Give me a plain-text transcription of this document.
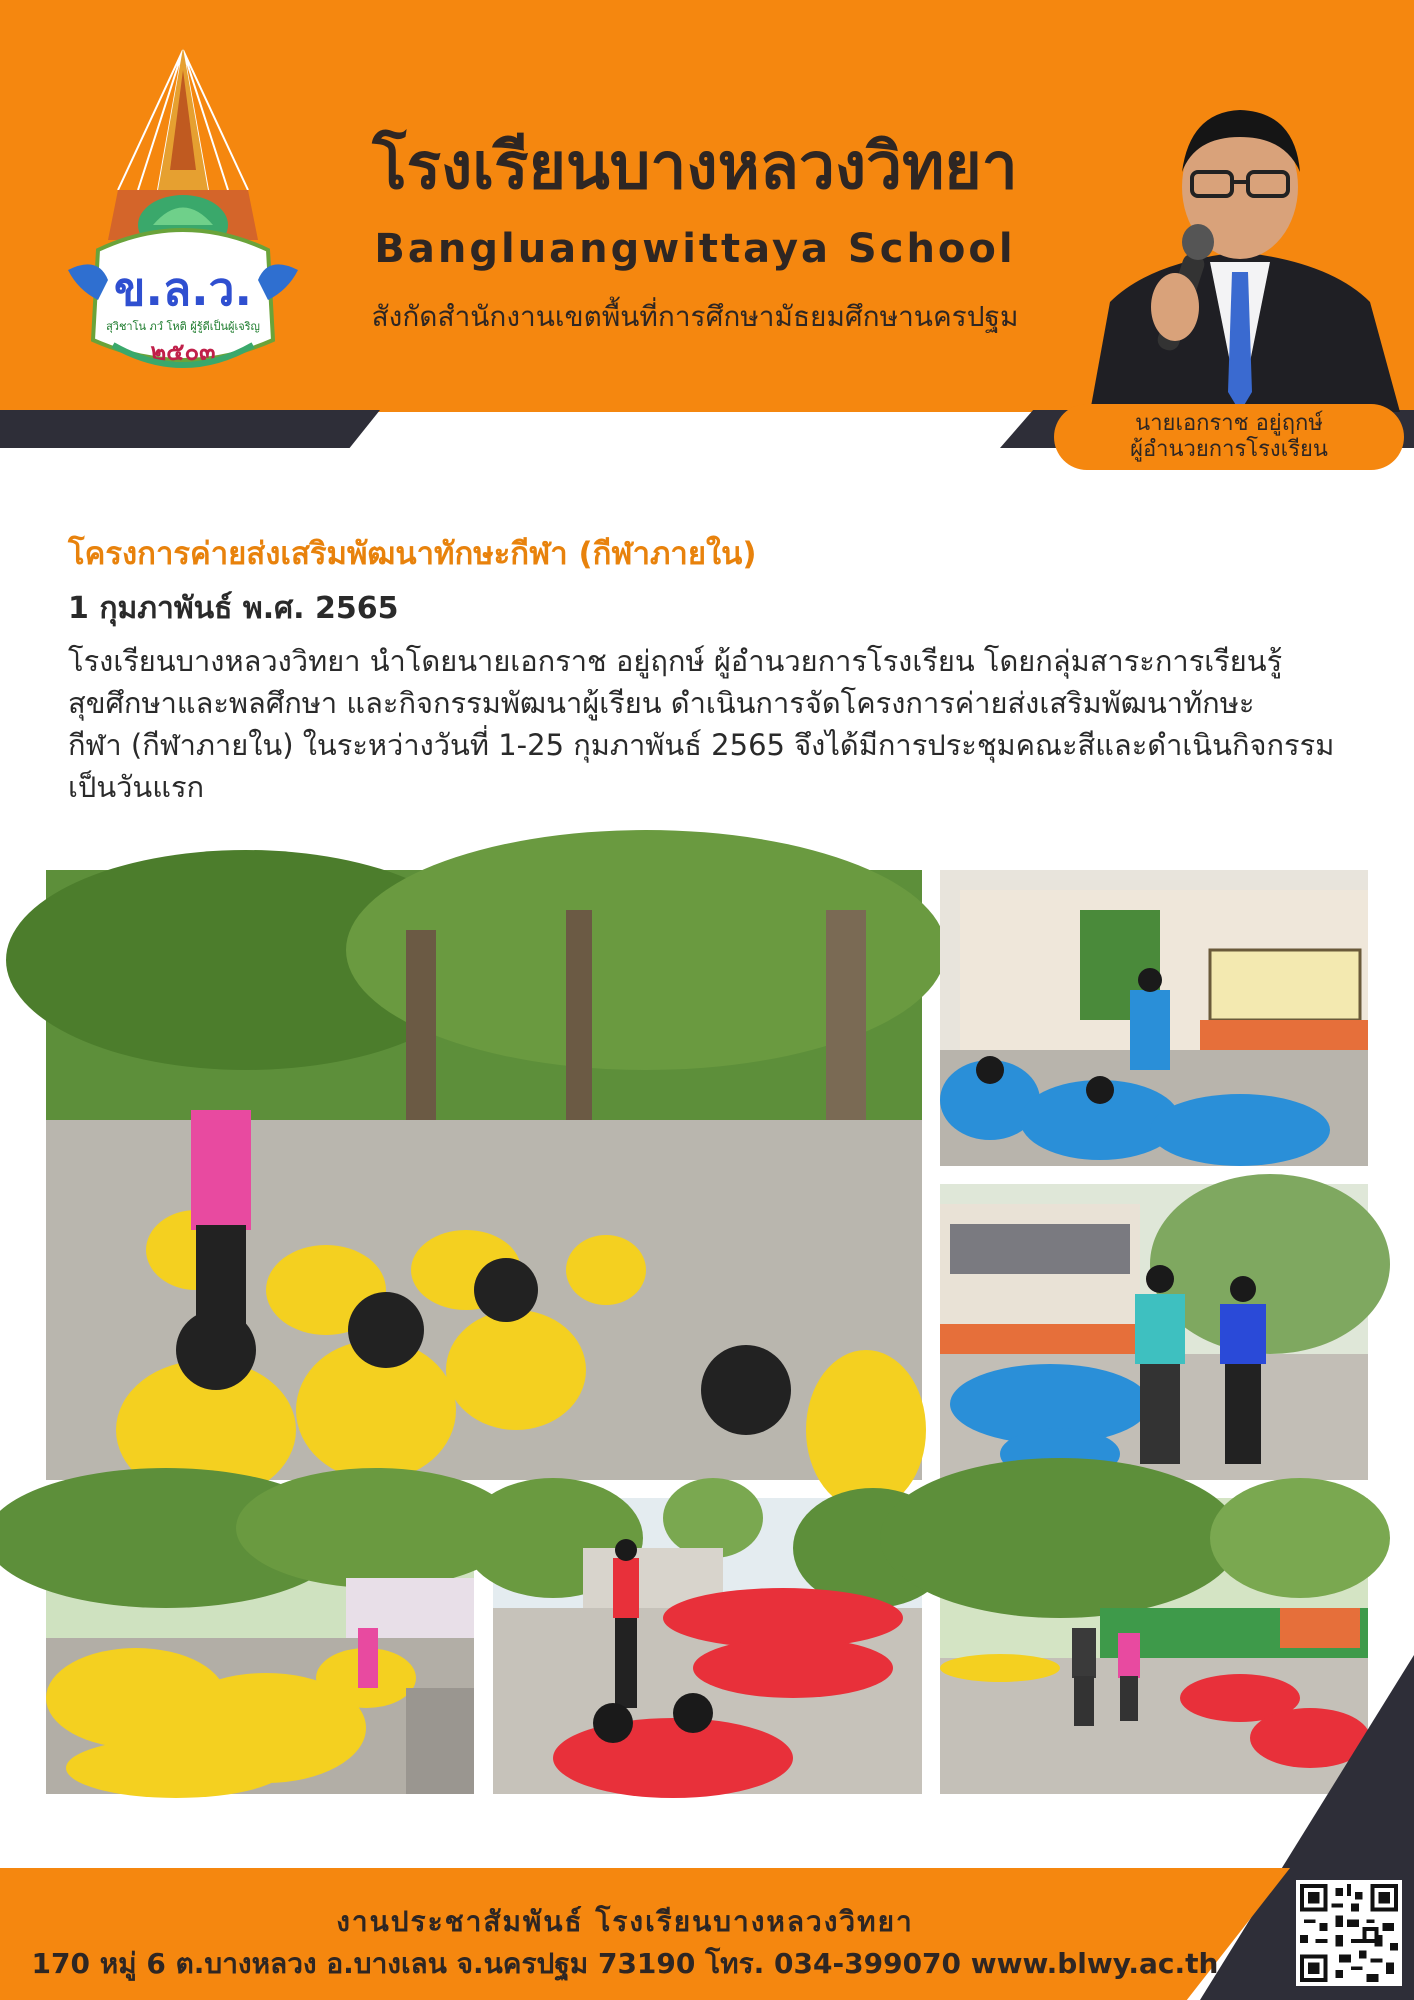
ข.ล.ว.
สุวิชาโน ภวํ โหติ ผู้รู้ดีเป็นผู้เจริญ
๒๕๐๓
โรงเรียนบางหลวงวิทยา
Bangluangwittaya School
สังกัดสำนักงานเขตพื้นที่การศึกษามัธยมศึกษานครปฐม
นายเอกราช อยู่ฤกษ์
ผู้อำนวยการโรงเรียน
โครงการค่ายส่งเสริมพัฒนาทักษะกีฬา (กีฬาภายใน)
1 กุมภาพันธ์ พ.ศ. 2565
โรงเรียนบางหลวงวิทยา นำโดยนายเอกราช อยู่ฤกษ์ ผู้อำนวยการโรงเรียน โดยกลุ่มสาระการเรียนรู้
สุขศึกษาและพลศึกษา และกิจกรรมพัฒนาผู้เรียน ดำเนินการจัดโครงการค่ายส่งเสริมพัฒนาทักษะ
กีฬา (กีฬาภายใน) ในระหว่างวันที่ 1-25 กุมภาพันธ์ 2565 จึงได้มีการประชุมคณะสีและดำเนินกิจกรรม
เป็นวันแรก
งานประชาสัมพันธ์ โรงเรียนบางหลวงวิทยา
170 หมู่ 6 ต.บางหลวง อ.บางเลน จ.นครปฐม 73190 โทร. 034-399070 www.blwy.ac.th
